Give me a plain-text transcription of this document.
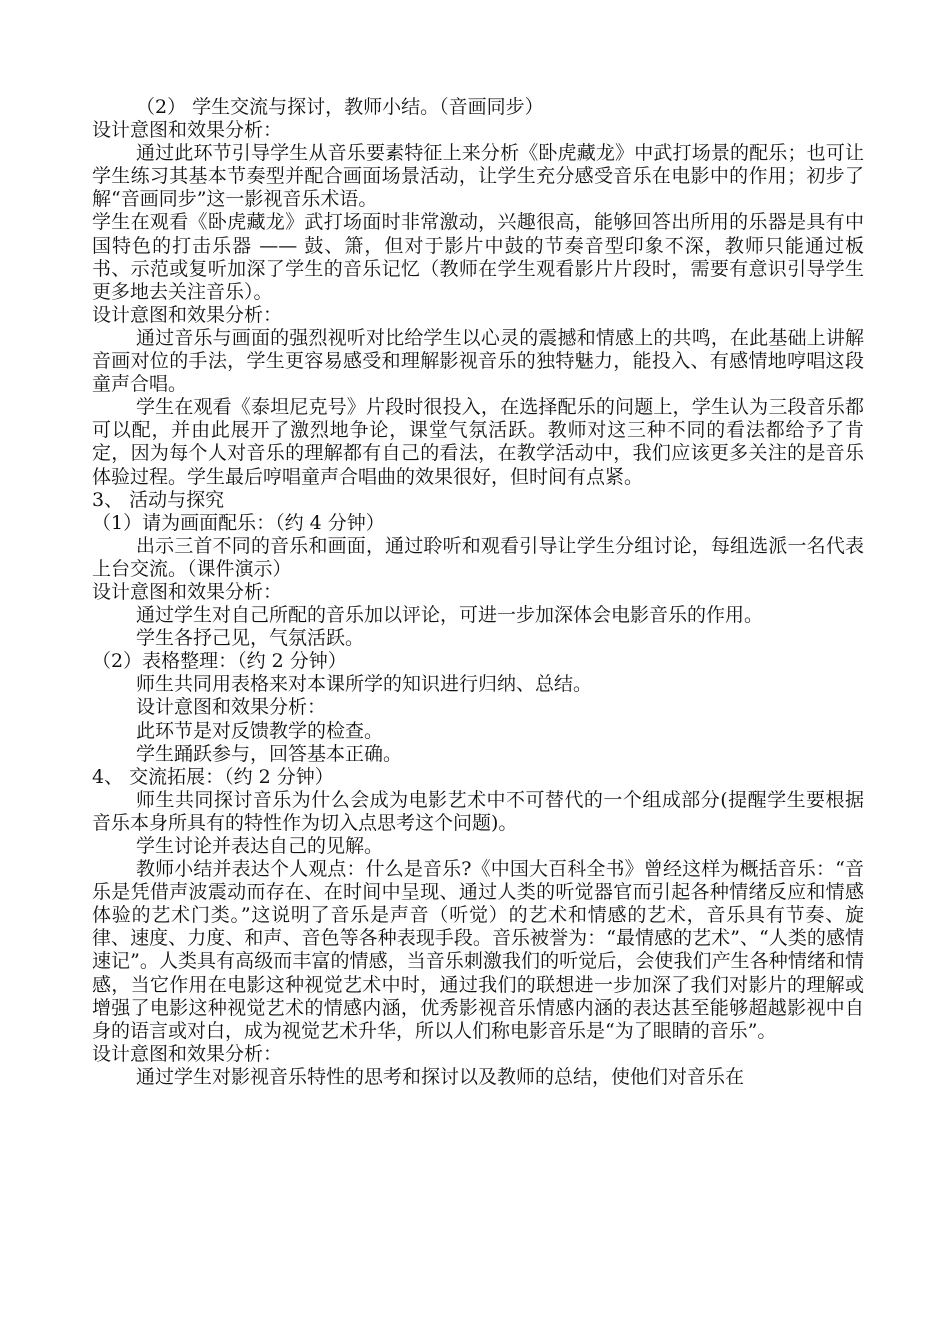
（2） 学生交流与探讨，教师小结。（音画同步）

设计意图和效果分析：

通过此环节引导学生从音乐要素特征上来分析《卧虎藏龙》中武打场景的配乐；也可让学生练习其基本节奏型并配合画面场景活动，让学生充分感受音乐在电影中的作用；初步了解“音画同步”这一影视音乐术语。

学生在观看《卧虎藏龙》武打场面时非常激动，兴趣很高，能够回答出所用的乐器是具有中国特色的打击乐器 —— 鼓、箫，但对于影片中鼓的节奏音型印象不深，教师只能通过板书、示范或复听加深了学生的音乐记忆（教师在学生观看影片片段时，需要有意识引导学生更多地去关注音乐）。

设计意图和效果分析：

通过音乐与画面的强烈视听对比给学生以心灵的震撼和情感上的共鸣，在此基础上讲解音画对位的手法，学生更容易感受和理解影视音乐的独特魅力，能投入、有感情地哼唱这段童声合唱。

学生在观看《泰坦尼克号》片段时很投入，在选择配乐的问题上，学生认为三段音乐都可以配，并由此展开了激烈地争论，课堂气氛活跃。教师对这三种不同的看法都给予了肯定，因为每个人对音乐的理解都有自己的看法，在教学活动中，我们应该更多关注的是音乐体验过程。学生最后哼唱童声合唱曲的效果很好，但时间有点紧。

3、 活动与探究

（1）请为画面配乐：（约 4 分钟）

出示三首不同的音乐和画面，通过聆听和观看引导让学生分组讨论，每组选派一名代表上台交流。（课件演示）

设计意图和效果分析：

通过学生对自己所配的音乐加以评论，可进一步加深体会电影音乐的作用。

学生各抒己见，气氛活跃。

（2）表格整理：（约 2 分钟）

师生共同用表格来对本课所学的知识进行归纳、总结。

设计意图和效果分析：

此环节是对反馈教学的检查。

学生踊跃参与，回答基本正确。

4、 交流拓展：（约 2 分钟）

师生共同探讨音乐为什么会成为电影艺术中不可替代的一个组成部分(提醒学生要根据音乐本身所具有的特性作为切入点思考这个问题)。

学生讨论并表达自己的见解。

教师小结并表达个人观点：什么是音乐?《中国大百科全书》曾经这样为概括音乐：“音乐是凭借声波震动而存在、在时间中呈现、通过人类的听觉器官而引起各种情绪反应和情感体验的艺术门类。”这说明了音乐是声音（听觉）的艺术和情感的艺术，音乐具有节奏、旋律、速度、力度、和声、音色等各种表现手段。音乐被誉为：“最情感的艺术”、“人类的感情速记”。人类具有高级而丰富的情感，当音乐刺激我们的听觉后，会使我们产生各种情绪和情感，当它作用在电影这种视觉艺术中时，通过我们的联想进一步加深了我们对影片的理解或增强了电影这种视觉艺术的情感内涵，优秀影视音乐情感内涵的表达甚至能够超越影视中自身的语言或对白，成为视觉艺术升华，所以人们称电影音乐是“为了眼睛的音乐”。

设计意图和效果分析：

通过学生对影视音乐特性的思考和探讨以及教师的总结，使他们对音乐在
